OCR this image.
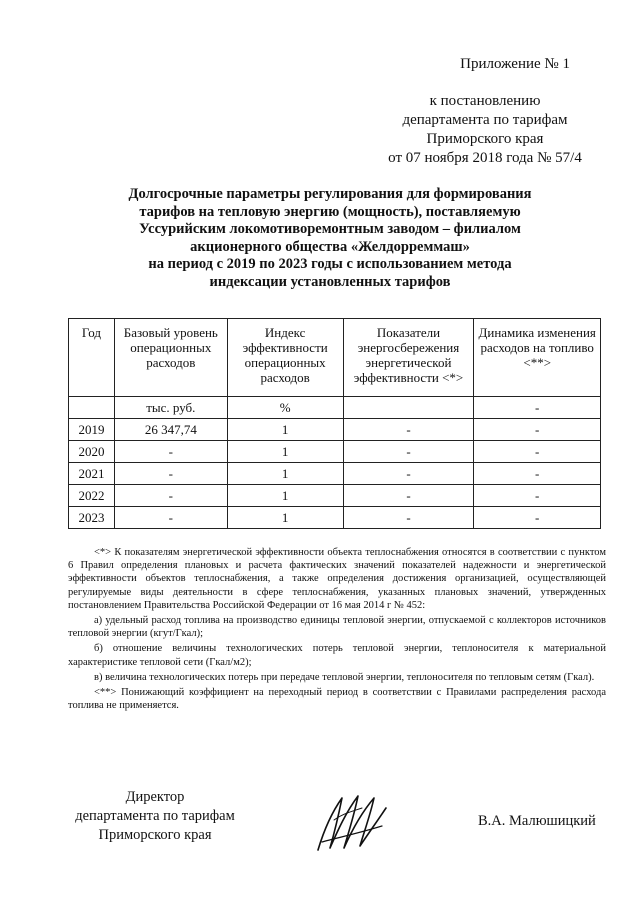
Приложение № 1
к постановлению
департамента по тарифам
Приморского края
от 07 ноября 2018 года № 57/4
Долгосрочные параметры регулирования для формирования
тарифов на тепловую энергию (мощность), поставляемую
Уссурийским локомотиворемонтным заводом – филиалом
акционерного общества «Желдорреммаш»
на период с 2019 по 2023 годы с использованием метода
индексации установленных тарифов
Год	Базовый уровень операционных расходов	Индекс эффективности операционных расходов	Показатели энергосбережения энергетической эффективности <*>	Динамика изменения расходов на топливо <**>
	тыс. руб.	%		-
2019	26 347,74	1	-	-
2020	-	1	-	-
2021	-	1	-	-
2022	-	1	-	-
2023	-	1	-	-

<*> К показателям энергетической эффективности объекта теплоснабжения относятся в соответствии с пунктом 6 Правил определения плановых и расчета фактических значений показателей надежности и энергетической эффективности объектов теплоснабжения, а также определения достижения организацией, осуществляющей регулируемые виды деятельности в сфере теплоснабжения, указанных плановых значений, утвержденных постановлением Правительства Российской Федерации от 16 мая 2014 г № 452:

а) удельный расход топлива на производство единицы тепловой энергии, отпускаемой с коллекторов источников тепловой энергии (кгут/Гкал);

б) отношение величины технологических потерь тепловой энергии, теплоносителя к материальной характеристике тепловой сети (Гкал/м2);

в) величина технологических потерь при передаче тепловой энергии, теплоносителя по тепловым сетям (Гкал).

<**> Понижающий коэффициент на переходный период в соответствии с Правилами распределения расхода топлива не применяется.

Директор
департамента по тарифам
Приморского края
В.А. Малюшицкий
